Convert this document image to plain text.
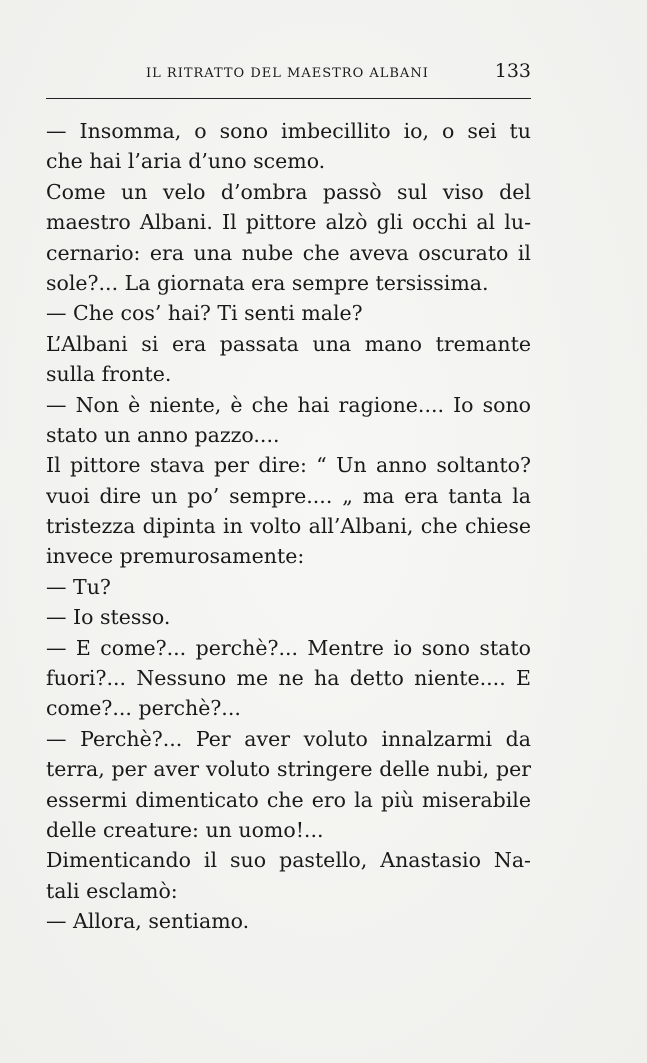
IL RITRATTO DEL MAESTRO ALBANI	133
— Insomma, o sono imbecillito io, o sei tu
che hai l’aria d’uno scemo.
Come un velo d’ombra passò sul viso del
maestro Albani. Il pittore alzò gli occhi al lu-
cernario: era una nube che aveva oscurato il
sole?... La giornata era sempre tersissima.
— Che cos’ hai? Ti senti male?
L’Albani si era passata una mano tremante
sulla fronte.
— Non è niente, è che hai ragione.... Io sono
stato un anno pazzo....
Il pittore stava per dire: “ Un anno soltanto?
vuoi dire un po’ sempre.... „ ma era tanta la
tristezza dipinta in volto all’Albani, che chiese
invece premurosamente:
— Tu?
— Io stesso.
— E come?... perchè?... Mentre io sono stato
fuori?... Nessuno me ne ha detto niente.... E
come?... perchè?...
— Perchè?... Per aver voluto innalzarmi da
terra, per aver voluto stringere delle nubi, per
essermi dimenticato che ero la più miserabile
delle creature: un uomo!...
Dimenticando il suo pastello, Anastasio Na-
tali esclamò:
— Allora, sentiamo.
